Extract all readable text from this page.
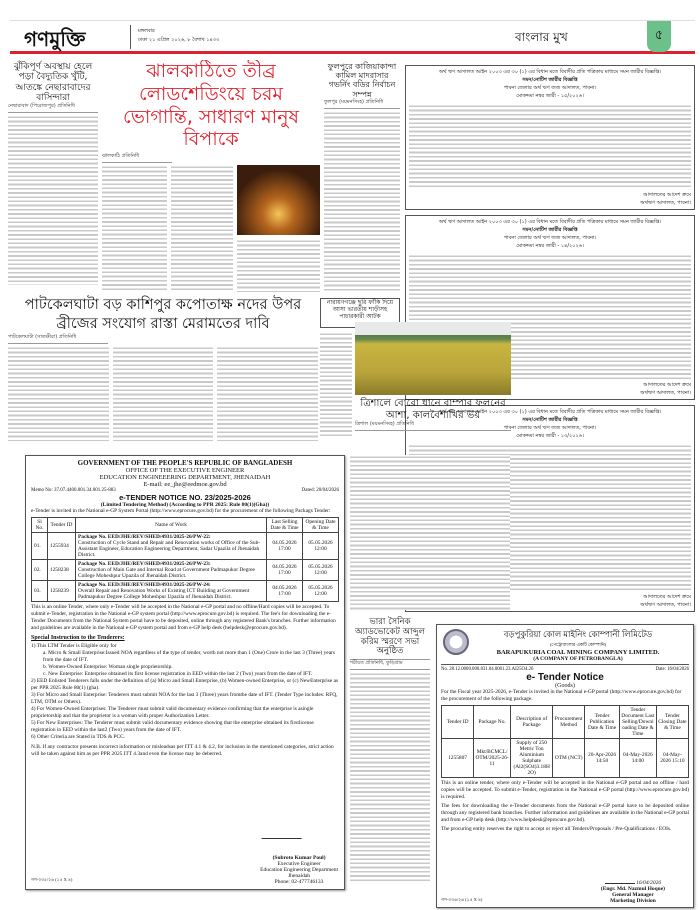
গণমুক্তি	মঙ্গলবার
ঢাকা ২১ এপ্রিল ২০২৬, ৮ বৈশাখ ১৪৩৩	বাংলার মুখ	৫
ঝুঁকিপূর্ণ অবস্থায় হেলে পড়া বৈদ্যুতিক খুঁটি, আতঙ্কে নেছারাবাদের বাসিন্দারা
নেছারাবাদ (পিরোজপুর) প্রতিনিধি
ঝালকাঠিতে তীব্র লোডশেডিংয়ে চরম ভোগান্তি, সাধারণ মানুষ বিপাকে
ঝালকাঠি প্রতিনিধি
ফুলপুরে কাজিয়াকান্দা কামিল মাদরাসার গভর্নিং বডির নির্বাচন সম্পন্ন
ফুলপুর (ময়মনসিংহ) প্রতিনিধি
অর্থ ঋণ আদালত আইন ২০০৩ এর ৩০ (১) এর বিধান মতে বিবাদীর প্রতি পত্রিকায় মাধ্যমে সমন জারীর বিজ্ঞপ্তি।
সমন/নোটিশ জারীর বিজ্ঞপ্তি
পাবনা জেলার অর্থ ঋণ জজ আদালত, পাবনা।
মোকদ্দমা নম্বর জারী - ১৫/২০২৬।
আদালতের আদেশ ক্রমে
অর্থঋণ আদালত, পাবনা।
অর্থ ঋণ আদালত আইন ২০০৩ এর ৩০ (১) এর বিধান মতে বিবাদীর প্রতি পত্রিকায় মাধ্যমে সমন জারীর বিজ্ঞপ্তি।
সমন/নোটিশ জারীর বিজ্ঞপ্তি
পাবনা জেলার অর্থ ঋণ জজ আদালত, পাবনা।
মোকদ্দমা নম্বর জারী - ১৪/২০২৬।
আদালতের আদেশ ক্রমে
অর্থঋণ আদালত, পাবনা।
অর্থ ঋণ আদালত আইন ২০০৩ এর ৩০ (১) এর বিধান মতে বিবাদীর প্রতি পত্রিকায় মাধ্যমে সমন জারীর বিজ্ঞপ্তি।
সমন/নোটিশ জারীর বিজ্ঞপ্তি
পাবনা জেলার অর্থ ঋণ জজ আদালত, পাবনা।
মোকদ্দমা নম্বর জারী - ১৩/২০২৬।
আদালতের আদেশ ক্রমে
অর্থঋণ আদালত, পাবনা।
পাটকেলঘাটা বড় কাশিপুর কপোতাক্ষ নদের উপর ব্রীজের সংযোগ রাস্তা মেরামতের দাবি
পাটকেলঘাটা (সাতক্ষীরা) প্রতিনিধি
নারায়ণগঞ্জে ছুরি ফাঁকি দিয়ে আসা ভারতীয় শাড়ীসহ পাচারকারী আটক
ত্রিশালে বোরো ধানে বাম্পার ফলনের আশা, কালবৈশাখির ভয়
ত্রিশাল (ময়মনসিংহ) প্রতিনিধি
GOVERNMENT OF THE PEOPLE'S REPUBLIC OF BANGLADESH
OFFICE OF THE EXECUTIVE ENGINEER
EDUCATION ENGINEEERING DEPARTMENT, JHENAIDAH
E-mail: ee_jhe@eedmoe.gov.bd
Memo No: 37.07.4400.001.34.001.25-883	Dated: 20/04/2026
e-TENDER NOTICE NO. 23/2025-2026
(Limited Tendering Method) (According to PPR 2025: Rule 80(1)(Gha))

e-Tender is invited in the National e-GP System Portal (http://www.eprocure.gov.bd) for the procurement of the following Packags Tender:

Sl No.	Tender ID	Name of Work	Last Selling Date & Time	Opening Date & Time
01.	1255934	Package No. EED/JHE/REV/SHED/4931/2025-26/PW-22:
Construction of Cycle Stand and Repair and Renovation works of Office of the Sub-Assistant Engineer, Education Engineering Department, Sadar Upazila of Jhenaidah District.	04.05.2026 17:00	05.05.2026 12:00
02.	1258238	Package No. EED/JHE/REV/SHED/4931/2025-26/PW-23:
Construction of Main Gate and Internal Road at Government Padmapukur Degree College Moheshpur Upazila of Jhenaidah District.	04.05.2026 17:00	05.05.2026 12:00
03.	1258239	Package No. EED/JHE/REV/SHED/4931/2025-26/PW-24:
Overall Repair and Renovation Works of Existing ICT Building at Government Padmapukur Degree College Moheshpur Upazila of Jhenaidah District.	04.05.2026 17:00	05.05.2026 12:00

This is an online Tender, where only e-Tender will be accepted in the National e-GP portal and no offline/Hard copies will be accepted. To submit e-Tender, registration in the National e-GP system portal (http://www.eprocure.gov.bd) is required. The fee's for downloading the e-Tender Documents from the National System portal have to be deposited, online through any registered Bank's branches. Further information and guidelines are available in the National e-GP system portal and from e-GP help desk (helpdesk@eprocure.gov.bd).

Special Instruction to the Tenderers:

1) This LTM Tender is Eligible only for

a. Micro & Small Enterprise:Issued NOA regardless of the type of tender, worth not more than 1 (One) Crore in the last 3 (Three) years from the date of IFT.

b. Women-Owned Enterprise: Woman single proprietorship.

c. New Enterprise: Enterprise obtained its first license registration in EED within the last 2 (Two) years from the date of IFT.

2) EED Enlisted Tenderers falls under the definition of (a) Micro and Small Enterprise, (b) Women-owned Enterprise, or (c) NewEnterprise as per PPR 2025 Rule 80(1) (gha).

3) For Micro and Small Enterprise: Tenderers must submit NOA for the last 3 (Three) years fromthe date of IFT. (Tender Type includes: RFQ, LTM, OTM or Others).

4) For Women-Owned Enterprises: The Tenderer must submit valid documentary evidence confirming that the enterprise is asingle proprietorship and that the proprietor is a woman with proper Authorization Letter.

5) For New Enterprises: The Tenderer must submit valid documentary evidence showing that the enterprise obtained its firstlicense registration in EED within the last2 (Two) years from the date of IFT.

6) Other Criteria are Stated in TDS & PCC.

N.B. If any contractor presents incorrect information or misleadsas per ITT 4.1 & 4.2, for inclusion in the mentioned categories, strict action will be taken against him as per PPR 2025 ITT 4.3and even the license may be deberred.

(Subroto Kumar Poul)
Executive Engineer
Education Engineering Department
Jhenaidah
Phone: 02-477746133
গণ-৩৩৫/২৬ (১৫ X ৪)
ভারা সৈনিক অ্যাডভোকেট আব্দুল করিম স্মরণে সভা অনুষ্ঠিত
শরীয়ত প্রতিনিধি, কুড়িগ্রাম
বড়পুকুরিয়া কোল মাইনিং কোম্পানী লিমিটেড
(পেট্রোবাংলার একটি কোম্পানি)
BARAPUKURIA COAL MINING COMPANY LIMITED.
(A COMPANY OF PETROBANGLA)
No. 28.12.0000.000.831.04.0001.23.AI25O4.26	Date: 16/04/2026
e- Tender Notice
(Goods)

For the Fiscal year 2025-2026, e-Tender is invited in the National e-GP portal (http://www.eprocure.gov.bd) for the procurement of the following package.

Tender ID	Package No.	Description of Package	Procurement Method	Tender Publication Date & Time	Tender Document Last Selling/Downloading Date & Time	Tender Closing Date & Time
1255807	Mkt/BCMCL/OTM/2025-26-11	Supply of 250 Metric Ton Aluminium Sulphate (Al2(SO4)3.18H2O)	OTM (NCT)	20-Apr-2026 14:50	04-May-2026 14:00	04-May-2026 15:10

This is an online tender, where only e-Tender will be accepted in the National e-GP portal and no offline / hard copies will be accepted. To submit e-Tender, registration in the National e-GP portal (http://www.eprocure.gov.bd) is required.

The fees for downloading the e-Tender documents from the National e-GP portal have to be deposited online through any registered bank branches. Further information and guidelines are available in the National e-GP portal and from e-GP help desk (http://www.helpdesk@eprocure.gov.bd).

The procuring entity reserves the right to accept or reject all Tenders/Proposals / Pre-Qualifications / EOIs.

গণ-৩৩৬/২৬ (১৫ X ৪)
16/04/2026
(Engr. Md. Nazmul Hoque)
General Manager
Marketing Division
